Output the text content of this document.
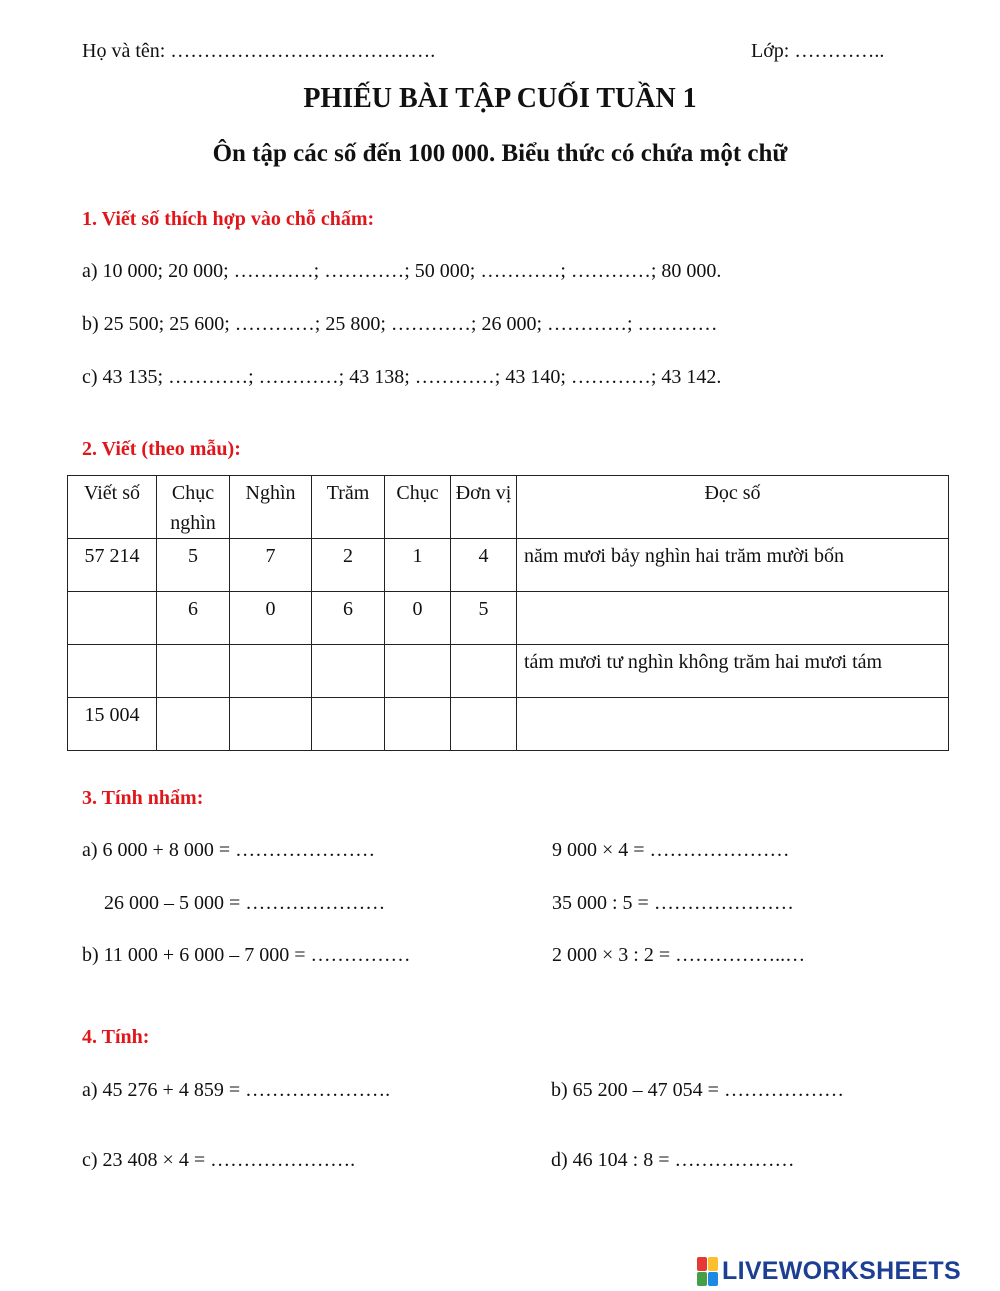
Họ và tên: ………………………………….	Lớp: …………..
PHIẾU BÀI TẬP CUỐI TUẦN 1
Ôn tập các số đến 100 000. Biểu thức có chứa một chữ
1. Viết số thích hợp vào chỗ chấm:
a) 10 000; 20 000; …………; …………; 50 000; …………; …………; 80 000.
b) 25 500; 25 600; …………; 25 800; …………; 26 000; …………; …………
c) 43 135; …………; …………; 43 138; …………; 43 140; …………; 43 142.
2. Viết (theo mẫu):
Viết số	Chục nghìn	Nghìn	Trăm	Chục	Đơn vị	Đọc số
57 214	5	7	2	1	4	năm mươi bảy nghìn hai trăm mười bốn
	6	0	6	0	5	
						tám mươi tư nghìn không trăm hai mươi tám
15 004						
3. Tính nhẩm:
a) 6 000 + 8 000 = …………………
26 000 – 5 000 = …………………
b) 11 000 + 6 000 – 7 000 = ……………
9 000 × 4 = …………………
35 000 : 5 = …………………
2 000 × 3 : 2 = ……………..…
4. Tính:
a) 45 276 + 4 859 = ………………….	b) 65 200 – 47 054 = ………………
c) 23 408 × 4 = ………………….	d) 46 104 : 8 = ………………
LIVEWORKSHEETS
